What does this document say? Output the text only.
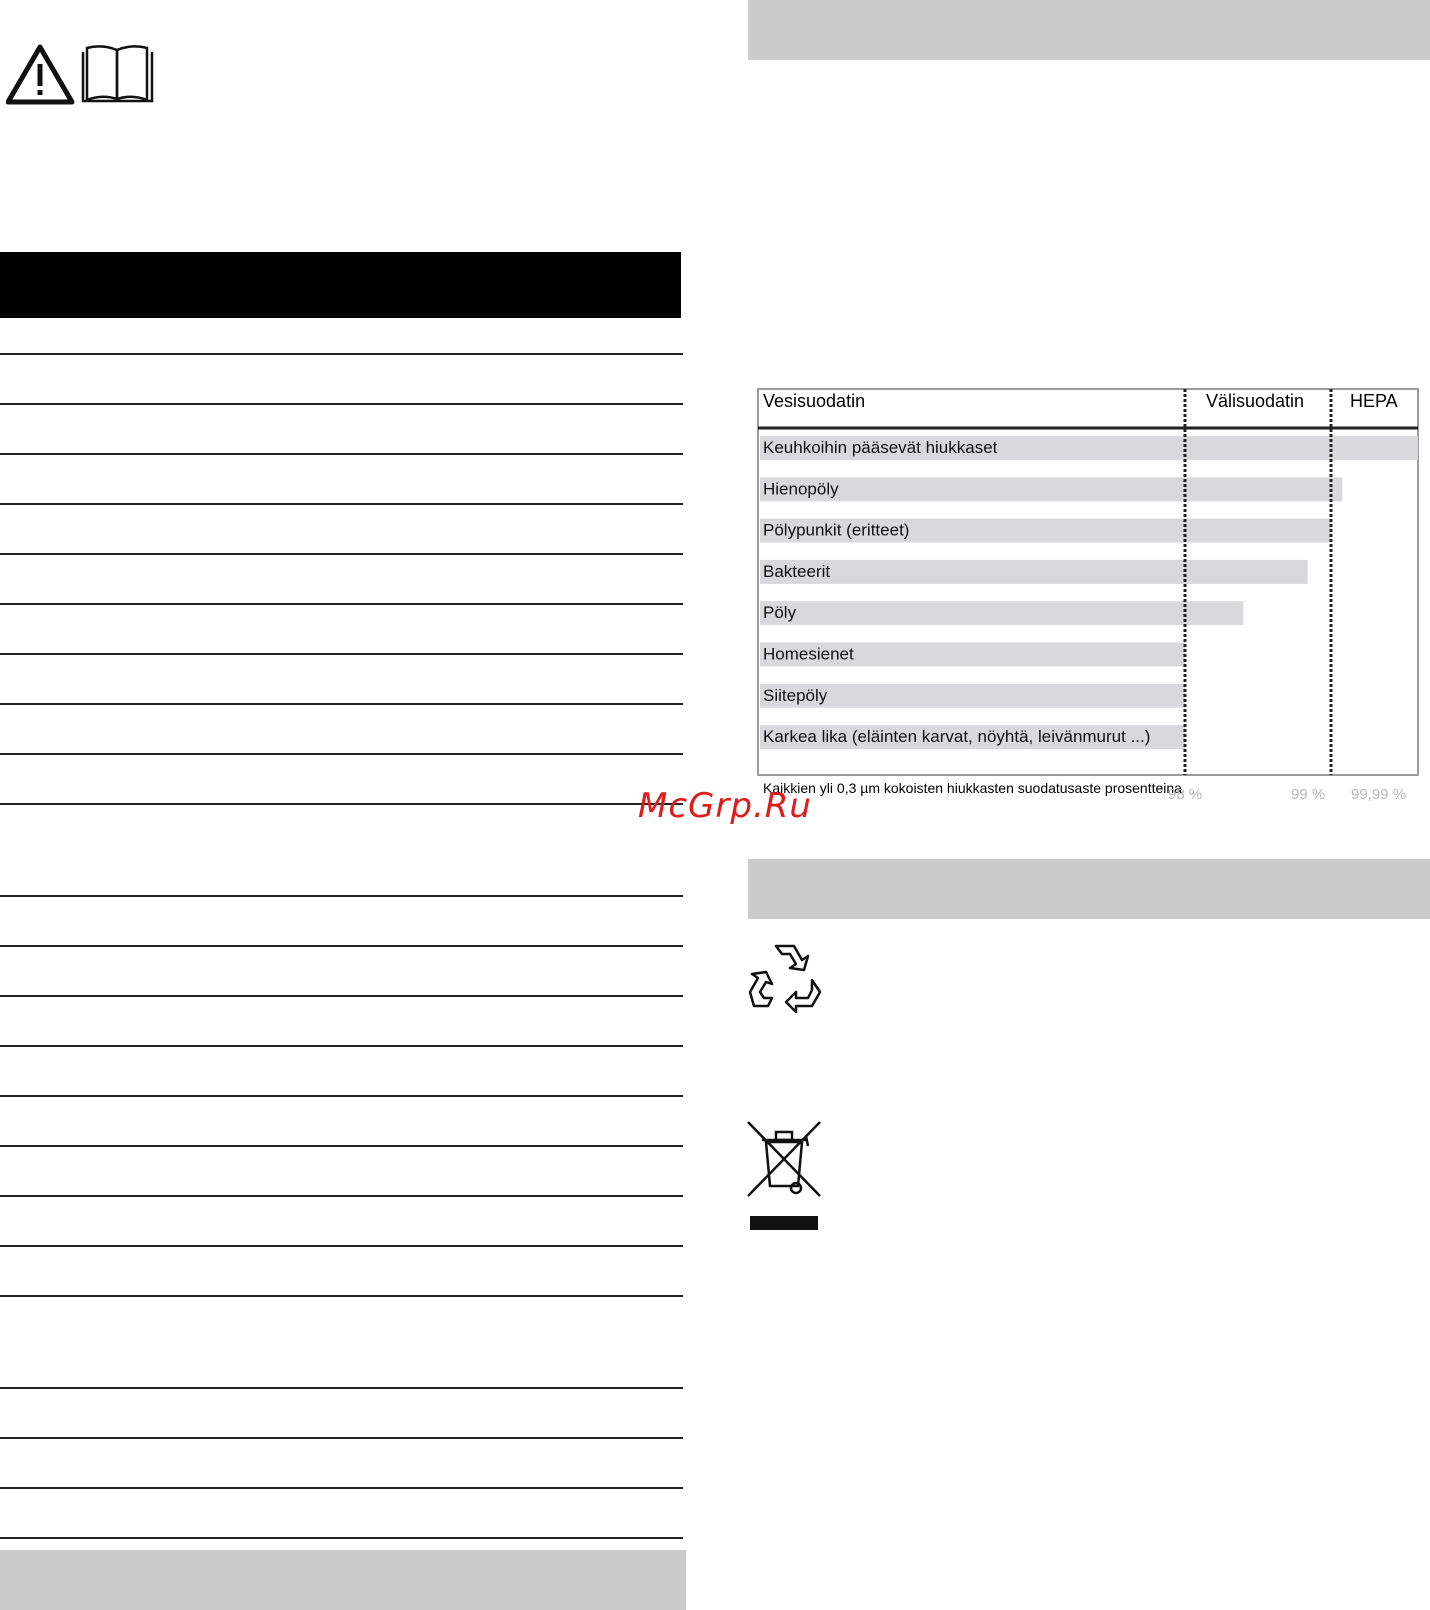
Vesisuodatin	Välisuodatin	HEPA
Keuhkoihin pääsevät hiukkaset
Hienopöly
Pölypunkit (eritteet)
Bakteerit
Pöly
Homesienet
Siitepöly
Karkea lika (eläinten karvat, nöyhtä, leivänmurut ...)
Kaikkien yli 0,3 µm kokoisten hiukkasten suodatusaste prosentteina
98 %	99 % 99,99 %
McGrp.Ru
